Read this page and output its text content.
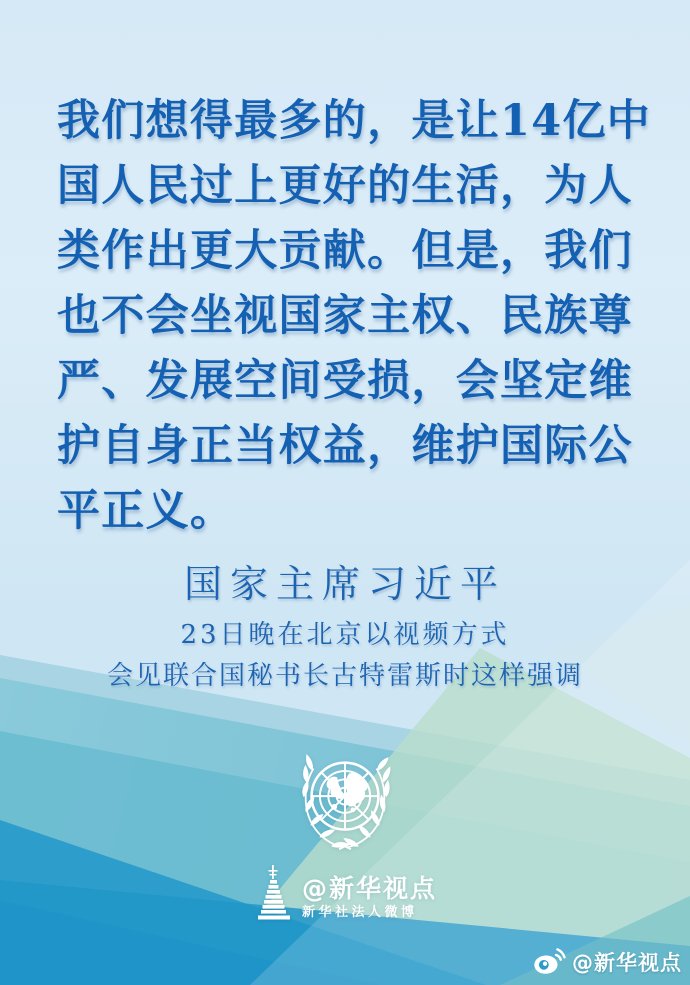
我们想得最多的，是让14亿中
国人民过上更好的生活，为人
类作出更大贡献。但是，我们
也不会坐视国家主权、民族尊
严、发展空间受损，会坚定维
护自身正当权益，维护国际公
平正义。
国家主席习近平
23日晚在北京以视频方式
会见联合国秘书长古特雷斯时这样强调
@新华视点
新华社法人微博
@新华视点
